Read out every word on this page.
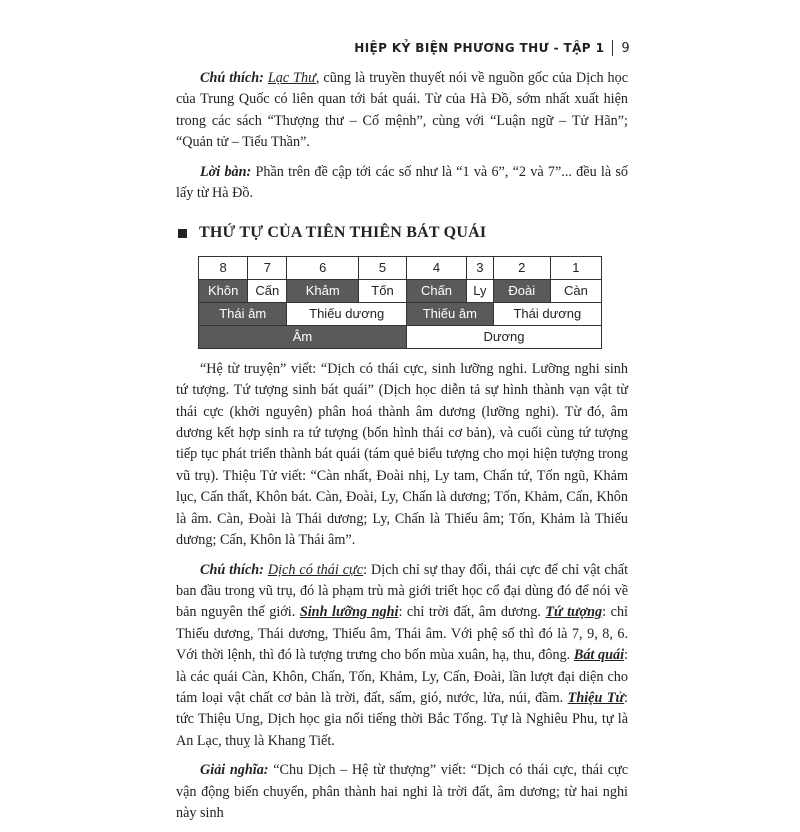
HIỆP KỶ BIỆN PHƯƠNG THƯ - TẬP 1 9

Chú thích: Lạc Thư, cũng là truyền thuyết nói về nguồn gốc của Dịch học của Trung Quốc có liên quan tới bát quái. Từ của Hà Đồ, sớm nhất xuất hiện trong các sách “Thượng thư – Cố mệnh”, cùng với “Luận ngữ – Tử Hãn”; “Quản tử – Tiểu Thần”.

Lời bàn: Phần trên đề cập tới các số như là “1 và 6”, “2 và 7”... đều là số lấy từ Hà Đồ.

THỨ TỰ CỦA TIÊN THIÊN BÁT QUÁI
8	7	6	5	4	3	2	1
Khôn	Cấn	Khảm	Tốn	Chấn	Ly	Đoài	Càn
Thái âm		Thiếu dương		Thiếu âm		Thái dương	
Âm				Dương			

“Hệ từ truyện” viết: “Dịch có thái cực, sinh lưỡng nghi. Lưỡng nghi sinh tứ tượng. Tứ tượng sinh bát quái” (Dịch học diễn tả sự hình thành vạn vật từ thái cực (khởi nguyên) phân hoá thành âm dương (lưỡng nghi). Từ đó, âm dương kết hợp sinh ra tứ tượng (bốn hình thái cơ bản), và cuối cùng tứ tượng tiếp tục phát triển thành bát quái (tám quẻ biểu tượng cho mọi hiện tượng trong vũ trụ). Thiệu Tử viết: “Càn nhất, Đoài nhị, Ly tam, Chấn tứ, Tốn ngũ, Khảm lục, Cấn thất, Khôn bát. Càn, Đoài, Ly, Chấn là dương; Tốn, Khảm, Cấn, Khôn là âm. Càn, Đoài là Thái dương; Ly, Chấn là Thiếu âm; Tốn, Khảm là Thiếu dương; Cấn, Khôn là Thái âm”.

Chú thích: Dịch có thái cực: Dịch chỉ sự thay đổi, thái cực để chỉ vật chất ban đầu trong vũ trụ, đó là phạm trù mà giới triết học cổ đại dùng đó để nói về bản nguyên thế giới. Sinh lưỡng nghi: chỉ trời đất, âm dương. Tứ tượng: chỉ Thiếu dương, Thái dương, Thiếu âm, Thái âm. Với phệ số thì đó là 7, 9, 8, 6. Với thời lệnh, thì đó là tượng trưng cho bốn mùa xuân, hạ, thu, đông. Bát quái: là các quái Càn, Khôn, Chấn, Tốn, Khảm, Ly, Cấn, Đoài, lần lượt đại diện cho tám loại vật chất cơ bản là trời, đất, sấm, gió, nước, lửa, núi, đầm. Thiệu Tử: tức Thiệu Ung, Dịch học gia nổi tiếng thời Bắc Tống. Tự là Nghiêu Phu, tự là An Lạc, thuỵ là Khang Tiết.

Giải nghĩa: “Chu Dịch – Hệ từ thượng” viết: “Dịch có thái cực, thái cực vận động biến chuyển, phân thành hai nghi là trời đất, âm dương; từ hai nghi này sinh
